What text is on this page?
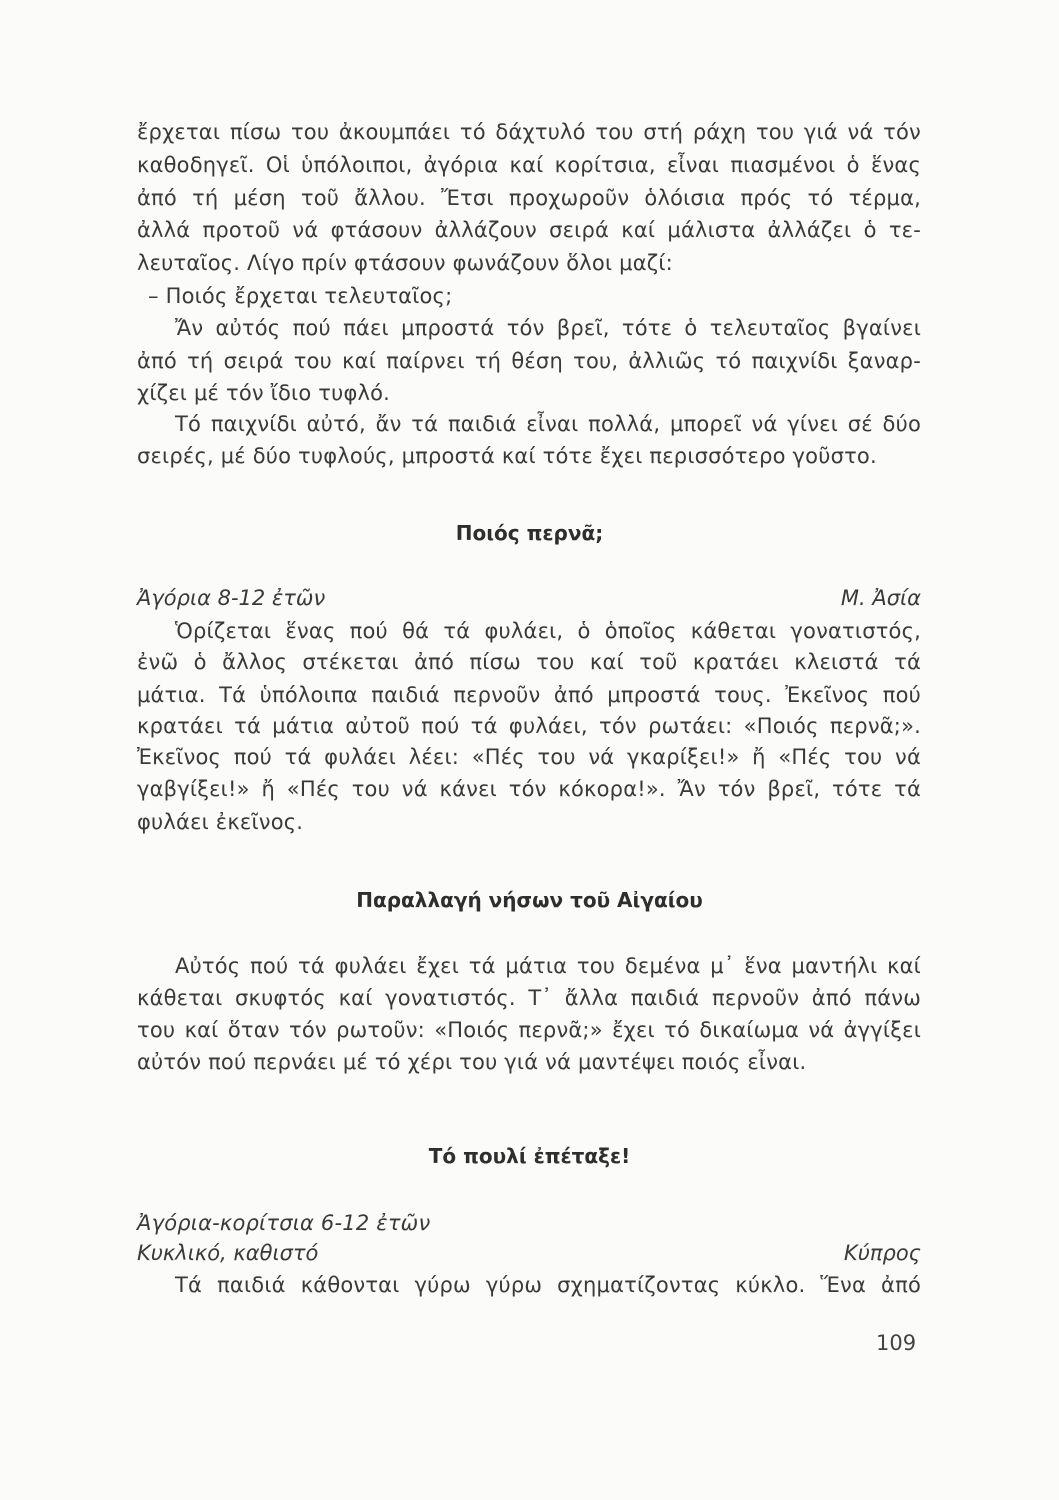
ἔρχεται πίσω του ἀκουμπάει τό δάχτυλό του στή ράχη του γιά νά τόν
καθοδηγεῖ. Οἱ ὑπόλοιποι, ἀγόρια καί κορίτσια, εἶναι πιασμένοι ὁ ἕνας
ἀπό τή μέση τοῦ ἄλλου. Ἔτσι προχωροῦν ὁλόισια πρός τό τέρμα,
ἀλλά προτοῦ νά φτάσουν ἀλλάζουν σειρά καί μάλιστα ἀλλάζει ὁ τε-
λευταῖος. Λίγο πρίν φτάσουν φωνάζουν ὅλοι μαζί:
– Ποιός ἔρχεται τελευταῖος;
Ἄν αὐτός πού πάει μπροστά τόν βρεῖ, τότε ὁ τελευταῖος βγαίνει
ἀπό τή σειρά του καί παίρνει τή θέση του, ἀλλιῶς τό παιχνίδι ξαναρ-
χίζει μέ τόν ἴδιο τυφλό.
Τό παιχνίδι αὐτό, ἄν τά παιδιά εἶναι πολλά, μπορεῖ νά γίνει σέ δύο
σειρές, μέ δύο τυφλούς, μπροστά καί τότε ἔχει περισσότερο γοῦστο.
Ποιός περνᾶ;
Ἀγόρια 8-12 ἐτῶν	Μ. Ἀσία
Ὁρίζεται ἕνας πού θά τά φυλάει, ὁ ὁποῖος κάθεται γονατιστός,
ἐνῶ ὁ ἄλλος στέκεται ἀπό πίσω του καί τοῦ κρατάει κλειστά τά
μάτια. Τά ὑπόλοιπα παιδιά περνοῦν ἀπό μπροστά τους. Ἐκεῖνος πού
κρατάει τά μάτια αὐτοῦ πού τά φυλάει, τόν ρωτάει: «Ποιός περνᾶ;».
Ἐκεῖνος πού τά φυλάει λέει: «Πές του νά γκαρίξει!» ἤ «Πές του νά
γαβγίξει!» ἤ «Πές του νά κάνει τόν κόκορα!». Ἄν τόν βρεῖ, τότε τά
φυλάει ἐκεῖνος.
Παραλλαγή νήσων τοῦ Αἰγαίου
Αὐτός πού τά φυλάει ἔχει τά μάτια του δεμένα μ᾽ ἕνα μαντήλι καί
κάθεται σκυφτός καί γονατιστός. Τ᾽ ἄλλα παιδιά περνοῦν ἀπό πάνω
του καί ὅταν τόν ρωτοῦν: «Ποιός περνᾶ;» ἔχει τό δικαίωμα νά ἀγγίξει
αὐτόν πού περνάει μέ τό χέρι του γιά νά μαντέψει ποιός εἶναι.
Τό πουλί ἐπέταξε!
Ἀγόρια-κορίτσια 6-12 ἐτῶν
Κυκλικό, καθιστό	Κύπρος
Τά παιδιά κάθονται γύρω γύρω σχηματίζοντας κύκλο. Ἕνα ἀπό
109
